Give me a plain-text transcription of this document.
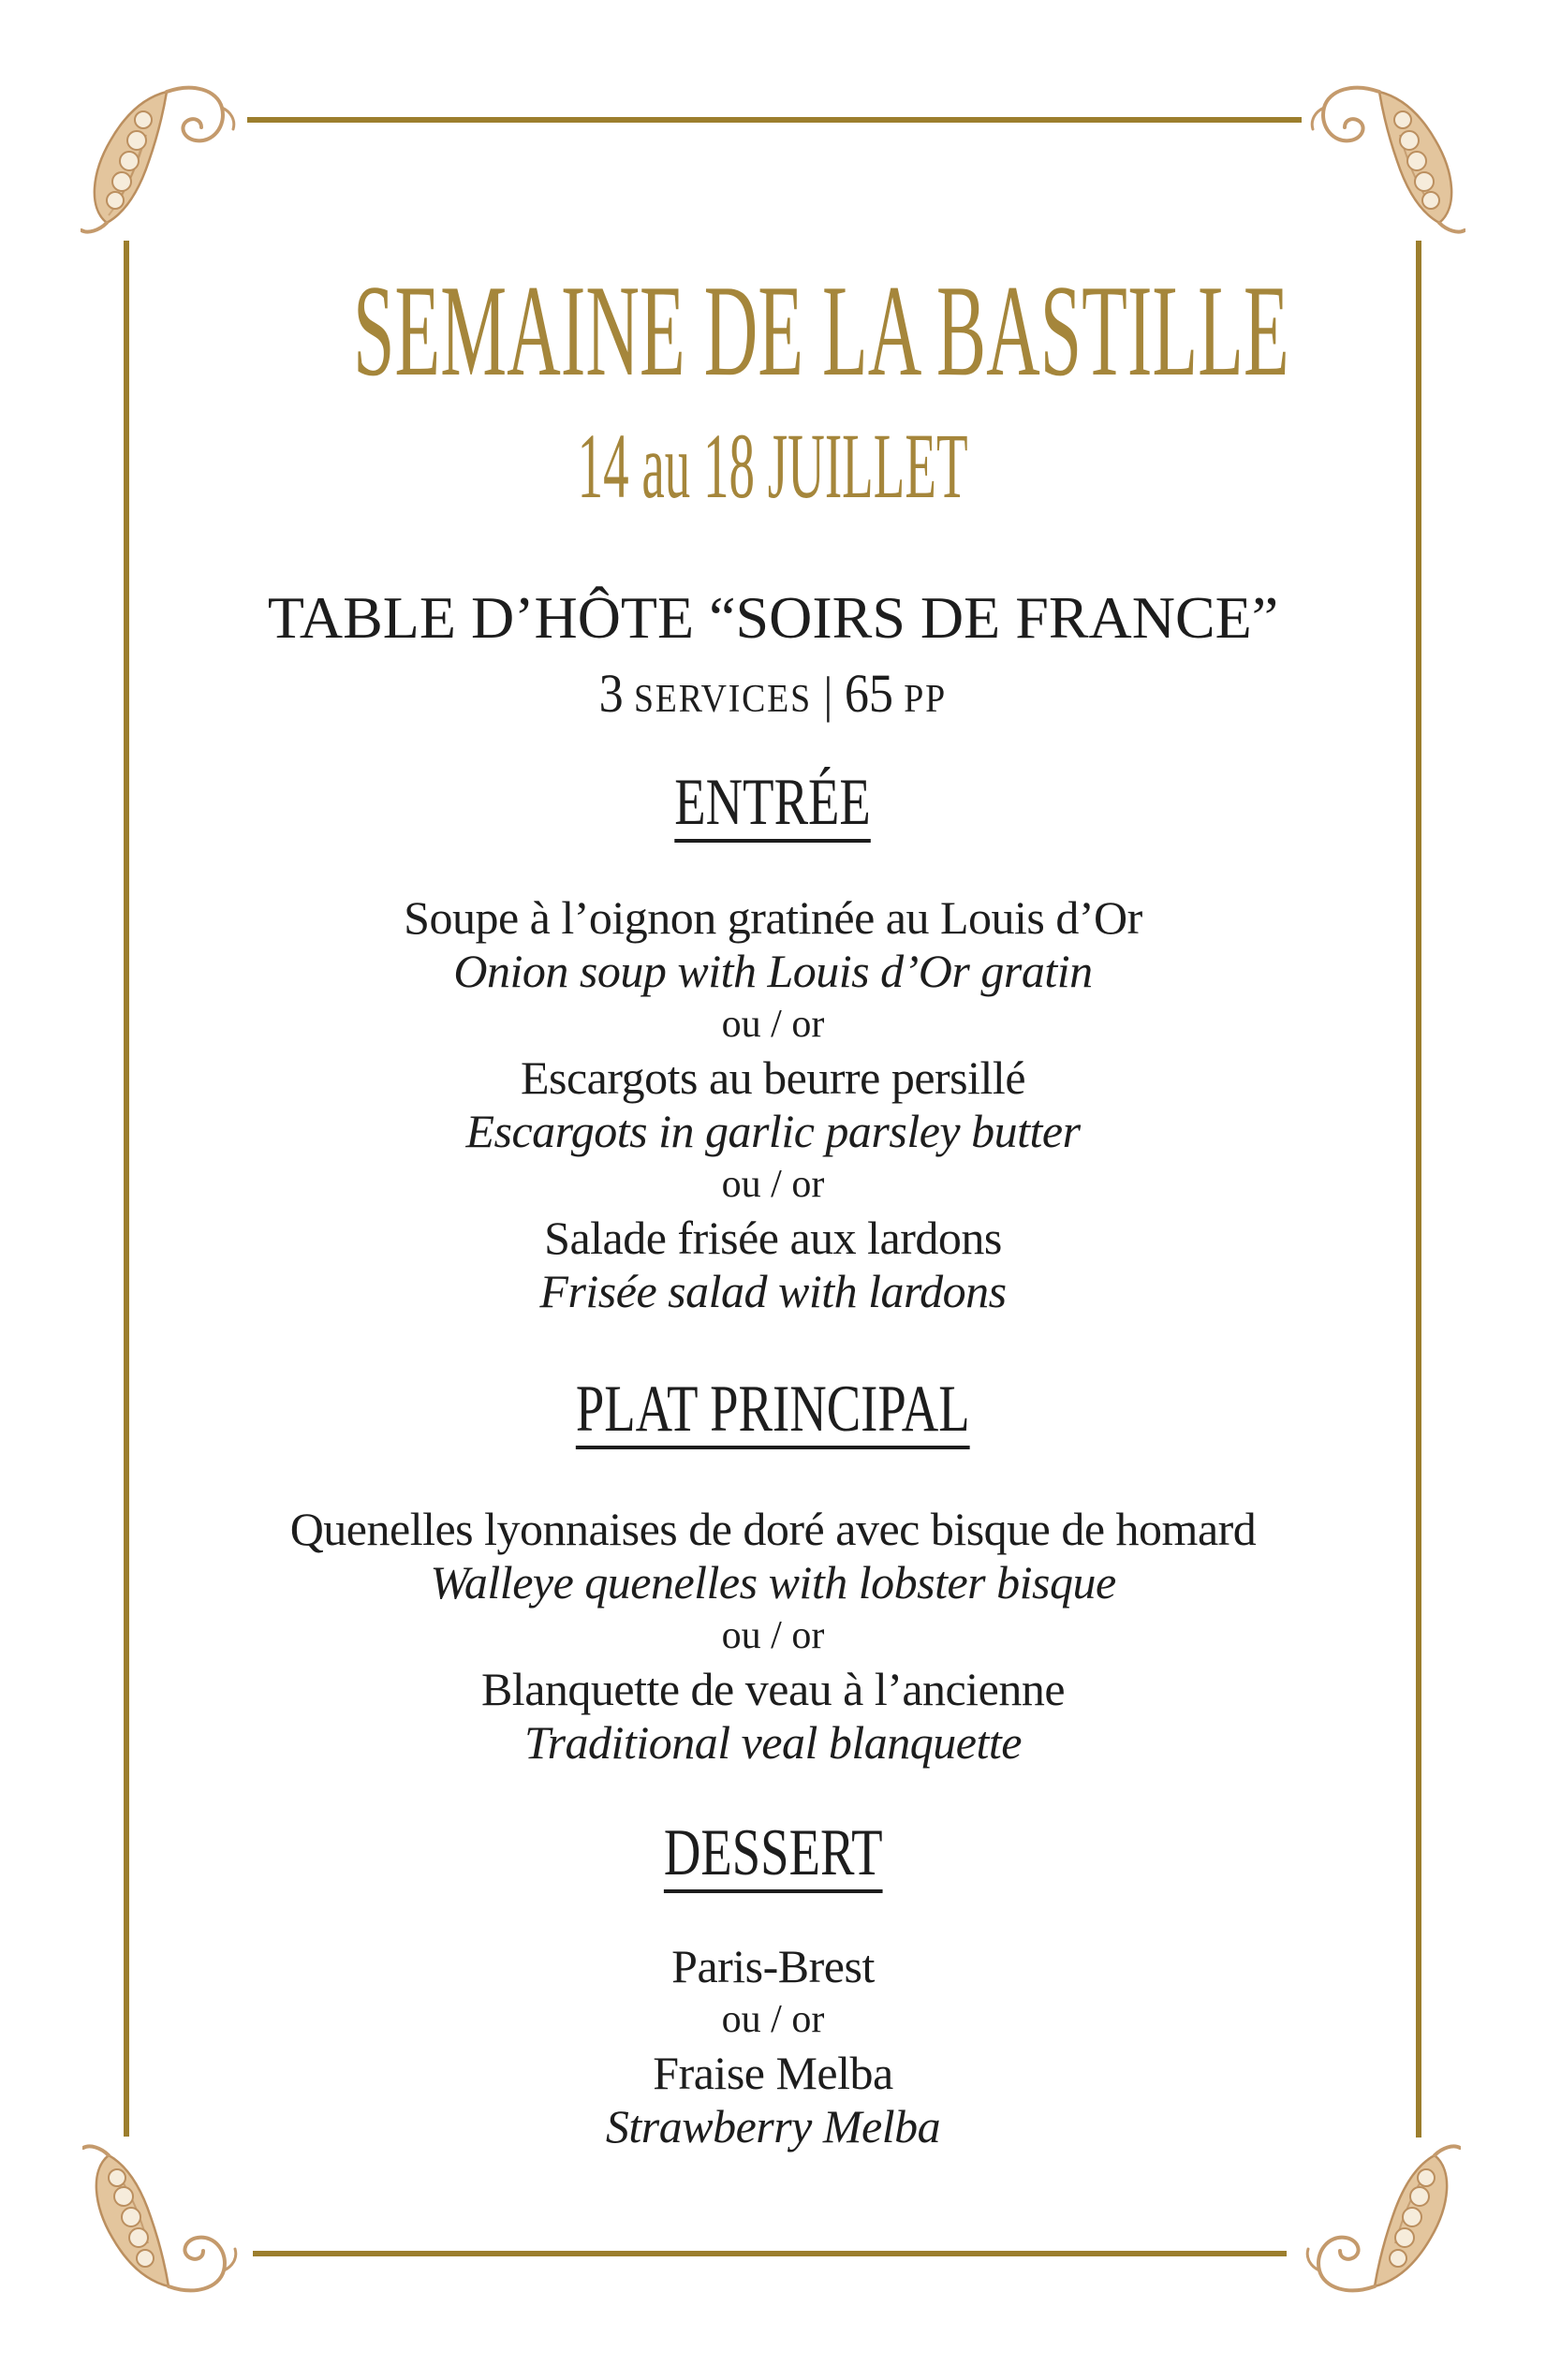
SEMAINE DE LA BASTILLE
14 au 18 JUILLET
TABLE D’HÔTE “SOIRS DE FRANCE”
3 SERVICES | 65 PP
ENTRÉE
Soupe à l’oignon gratinée au Louis d’Or
Onion soup with Louis d’Or gratin
ou / or
Escargots au beurre persillé
Escargots in garlic parsley butter
ou / or
Salade frisée aux lardons
Frisée salad with lardons
PLAT PRINCIPAL
Quenelles lyonnaises de doré avec bisque de homard
Walleye quenelles with lobster bisque
ou / or
Blanquette de veau à l’ancienne
Traditional veal blanquette
DESSERT
Paris-Brest
ou / or
Fraise Melba
Strawberry Melba
